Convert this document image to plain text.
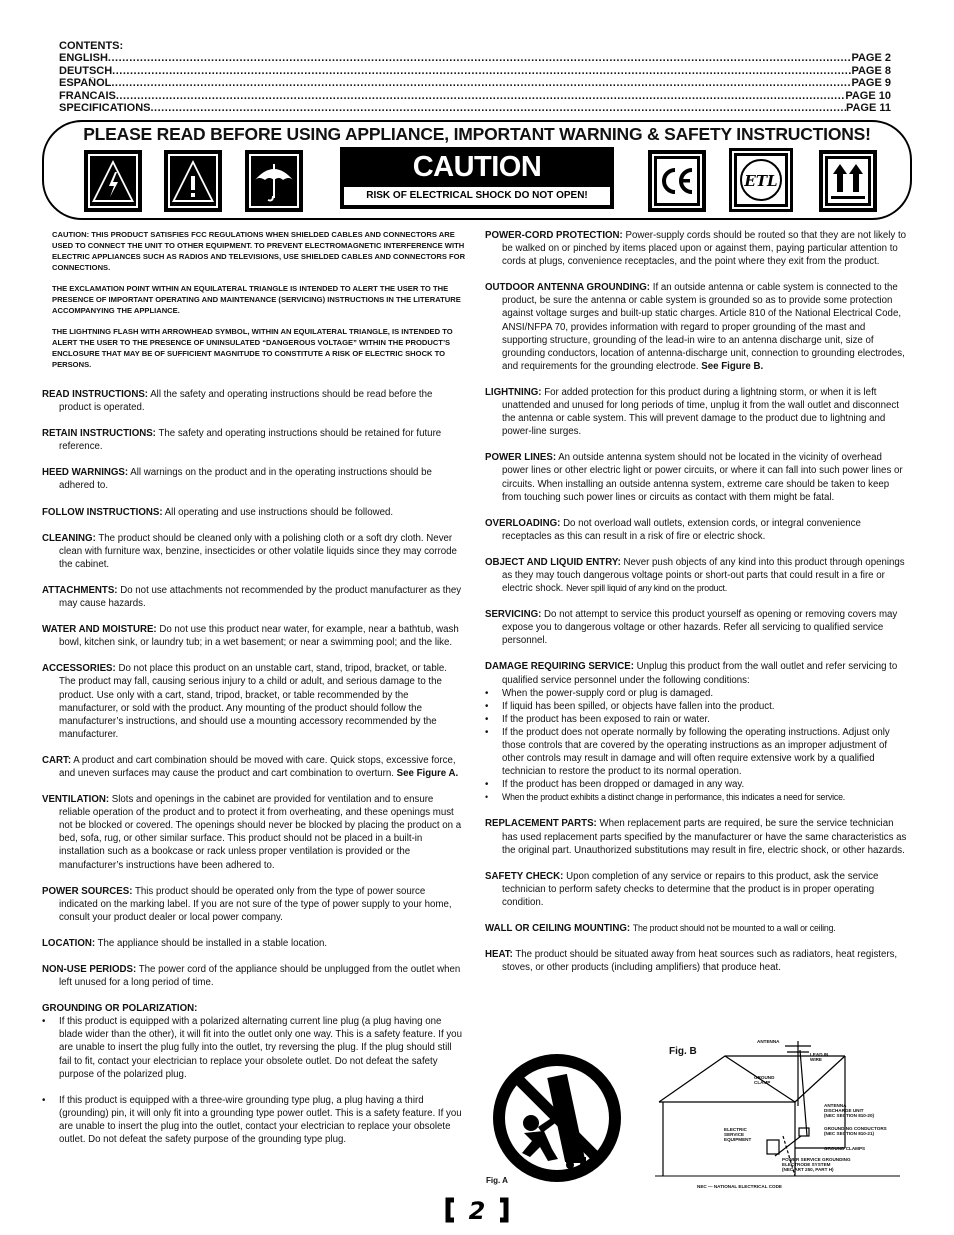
CONTENTS:
ENGLISH .....	PAGE 2
DEUTSCH .....	PAGE 8
ESPAÑOL .....	PAGE 9
FRANCAIS .....	PAGE 10
SPECIFICATIONS .....	PAGE 11
PLEASE READ BEFORE USING APPLIANCE, IMPORTANT WARNING & SAFETY INSTRUCTIONS!
CAUTION
RISK OF ELECTRICAL SHOCK DO NOT OPEN!
ETL

CAUTION: THIS PRODUCT SATISFIES FCC REGULATIONS WHEN SHIELDED CABLES AND CONNECTORS ARE USED TO CONNECT THE UNIT TO OTHER EQUIPMENT. TO PREVENT ELECTROMAGNETIC INTERFERENCE WITH ELECTRIC APPLIANCES SUCH AS RADIOS AND TELEVISIONS, USE SHIELDED CABLES AND CONNECTORS FOR CONNECTIONS.

THE EXCLAMATION POINT WITHIN AN EQUILATERAL TRIANGLE IS INTENDED TO ALERT THE USER TO THE PRESENCE OF IMPORTANT OPERATING AND MAINTENANCE (SERVICING) INSTRUCTIONS IN THE LITERATURE ACCOMPANYING THE APPLIANCE.

THE LIGHTNING FLASH WITH ARROWHEAD SYMBOL, WITHIN AN EQUILATERAL TRIANGLE, IS INTENDED TO ALERT THE USER TO THE PRESENCE OF UNINSULATED “DANGEROUS VOLTAGE” WITHIN THE PRODUCT’S ENCLOSURE THAT MAY BE OF SUFFICIENT MAGNITUDE TO CONSTITUTE A RISK OF ELECTRIC SHOCK TO PERSONS.

READ INSTRUCTIONS: All the safety and operating instructions should be read before the product is operated.

RETAIN INSTRUCTIONS: The safety and operating instructions should be retained for future reference.

HEED WARNINGS: All warnings on the product and in the operating instructions should be adhered to.

FOLLOW INSTRUCTIONS: All operating and use instructions should be followed.

CLEANING: The product should be cleaned only with a polishing cloth or a soft dry cloth. Never clean with furniture wax, benzine, insecticides or other volatile liquids since they may corrode the cabinet.

ATTACHMENTS: Do not use attachments not recommended by the product manufacturer as they may cause hazards.

WATER AND MOISTURE: Do not use this product near water, for example, near a bathtub, wash bowl, kitchen sink, or laundry tub; in a wet basement; or near a swimming pool; and the like.

ACCESSORIES: Do not place this product on an unstable cart, stand, tripod, bracket, or table. The product may fall, causing serious injury to a child or adult, and serious damage to the product. Use only with a cart, stand, tripod, bracket, or table recommended by the manufacturer, or sold with the product. Any mounting of the product should follow the manufacturer’s instructions, and should use a mounting accessory recommended by the manufacturer.

CART: A product and cart combination should be moved with care. Quick stops, excessive force, and uneven surfaces may cause the product and cart combination to overturn. See Figure A.

VENTILATION: Slots and openings in the cabinet are provided for ventilation and to ensure reliable operation of the product and to protect it from overheating, and these openings must not be blocked or covered. The openings should never be blocked by placing the product on a bed, sofa, rug, or other similar surface. This product should not be placed in a built-in installation such as a bookcase or rack unless proper ventilation is provided or the manufacturer’s instructions have been adhered to.

POWER SOURCES: This product should be operated only from the type of power source indicated on the marking label. If you are not sure of the type of power supply to your home, consult your product dealer or local power company.

LOCATION: The appliance should be installed in a stable location.

NON-USE PERIODS: The power cord of the appliance should be unplugged from the outlet when left unused for a long period of time.

GROUNDING OR POLARIZATION:

• If this product is equipped with a polarized alternating current line plug (a plug having one blade wider than the other), it will fit into the outlet only one way. This is a safety feature. If you are unable to insert the plug fully into the outlet, try reversing the plug. If the plug should still fail to fit, contact your electrician to replace your obsolete outlet. Do not defeat the safety purpose of the polarized plug.
• If this product is equipped with a three-wire grounding type plug, a plug having a third (grounding) pin, it will only fit into a grounding type power outlet. This is a safety feature. If you are unable to insert the plug into the outlet, contact your electrician to replace your obsolete outlet. Do not defeat the safety purpose of the grounding type plug.

POWER-CORD PROTECTION: Power-supply cords should be routed so that they are not likely to be walked on or pinched by items placed upon or against them, paying particular attention to cords at plugs, convenience receptacles, and the point where they exit from the product.

OUTDOOR ANTENNA GROUNDING: If an outside antenna or cable system is connected to the product, be sure the antenna or cable system is grounded so as to provide some protection against voltage surges and built-up static charges. Article 810 of the National Electrical Code, ANSI/NFPA 70, provides information with regard to proper grounding of the mast and supporting structure, grounding of the lead-in wire to an antenna discharge unit, size of grounding conductors, location of antenna-discharge unit, connection to grounding electrodes, and requirements for the grounding electrode. See Figure B.

LIGHTNING: For added protection for this product during a lightning storm, or when it is left unattended and unused for long periods of time, unplug it from the wall outlet and disconnect the antenna or cable system. This will prevent damage to the product due to lightning and power-line surges.

POWER LINES: An outside antenna system should not be located in the vicinity of overhead power lines or other electric light or power circuits, or where it can fall into such power lines or circuits. When installing an outside antenna system, extreme care should be taken to keep from touching such power lines or circuits as contact with them might be fatal.

OVERLOADING: Do not overload wall outlets, extension cords, or integral convenience receptacles as this can result in a risk of fire or electric shock.

OBJECT AND LIQUID ENTRY: Never push objects of any kind into this product through openings as they may touch dangerous voltage points or short-out parts that could result in a fire or electric shock. Never spill liquid of any kind on the product.

SERVICING: Do not attempt to service this product yourself as opening or removing covers may expose you to dangerous voltage or other hazards. Refer all servicing to qualified service personnel.

DAMAGE REQUIRING SERVICE: Unplug this product from the wall outlet and refer servicing to qualified service personnel under the following conditions:

• When the power-supply cord or plug is damaged.
• If liquid has been spilled, or objects have fallen into the product.
• If the product has been exposed to rain or water.
• If the product does not operate normally by following the operating instructions. Adjust only those controls that are covered by the operating instructions as an improper adjustment of other controls may result in damage and will often require extensive work by a qualified technician to restore the product to its normal operation.
• If the product has been dropped or damaged in any way.
• When the product exhibits a distinct change in performance, this indicates a need for service.

REPLACEMENT PARTS: When replacement parts are required, be sure the service technician has used replacement parts specified by the manufacturer or have the same characteristics as the original part. Unauthorized substitutions may result in fire, electric shock, or other hazards.

SAFETY CHECK: Upon completion of any service or repairs to this product, ask the service technician to perform safety checks to determine that the product is in proper operating condition.

WALL OR CEILING MOUNTING: The product should not be mounted to a wall or ceiling.

HEAT: The product should be situated away from heat sources such as radiators, heat registers, stoves, or other products (including amplifiers) that produce heat.

Fig. A
Fig. B
ANTENNA
LEAD IN
WIRE
GROUND
CLAMP
ANTENNA
DISCHARGE UNIT
(NEC SECTION 810-20)
GROUNDING CONDUCTORS
(NEC SECTION 810-21)
ELECTRIC
SERVICE
EQUIPMENT
GROUND CLAMPS
POWER SERVICE GROUNDING
ELECTRODE SYSTEM
(NEC ART 250, PART H)
NEC — NATIONAL ELECTRICAL CODE
2
